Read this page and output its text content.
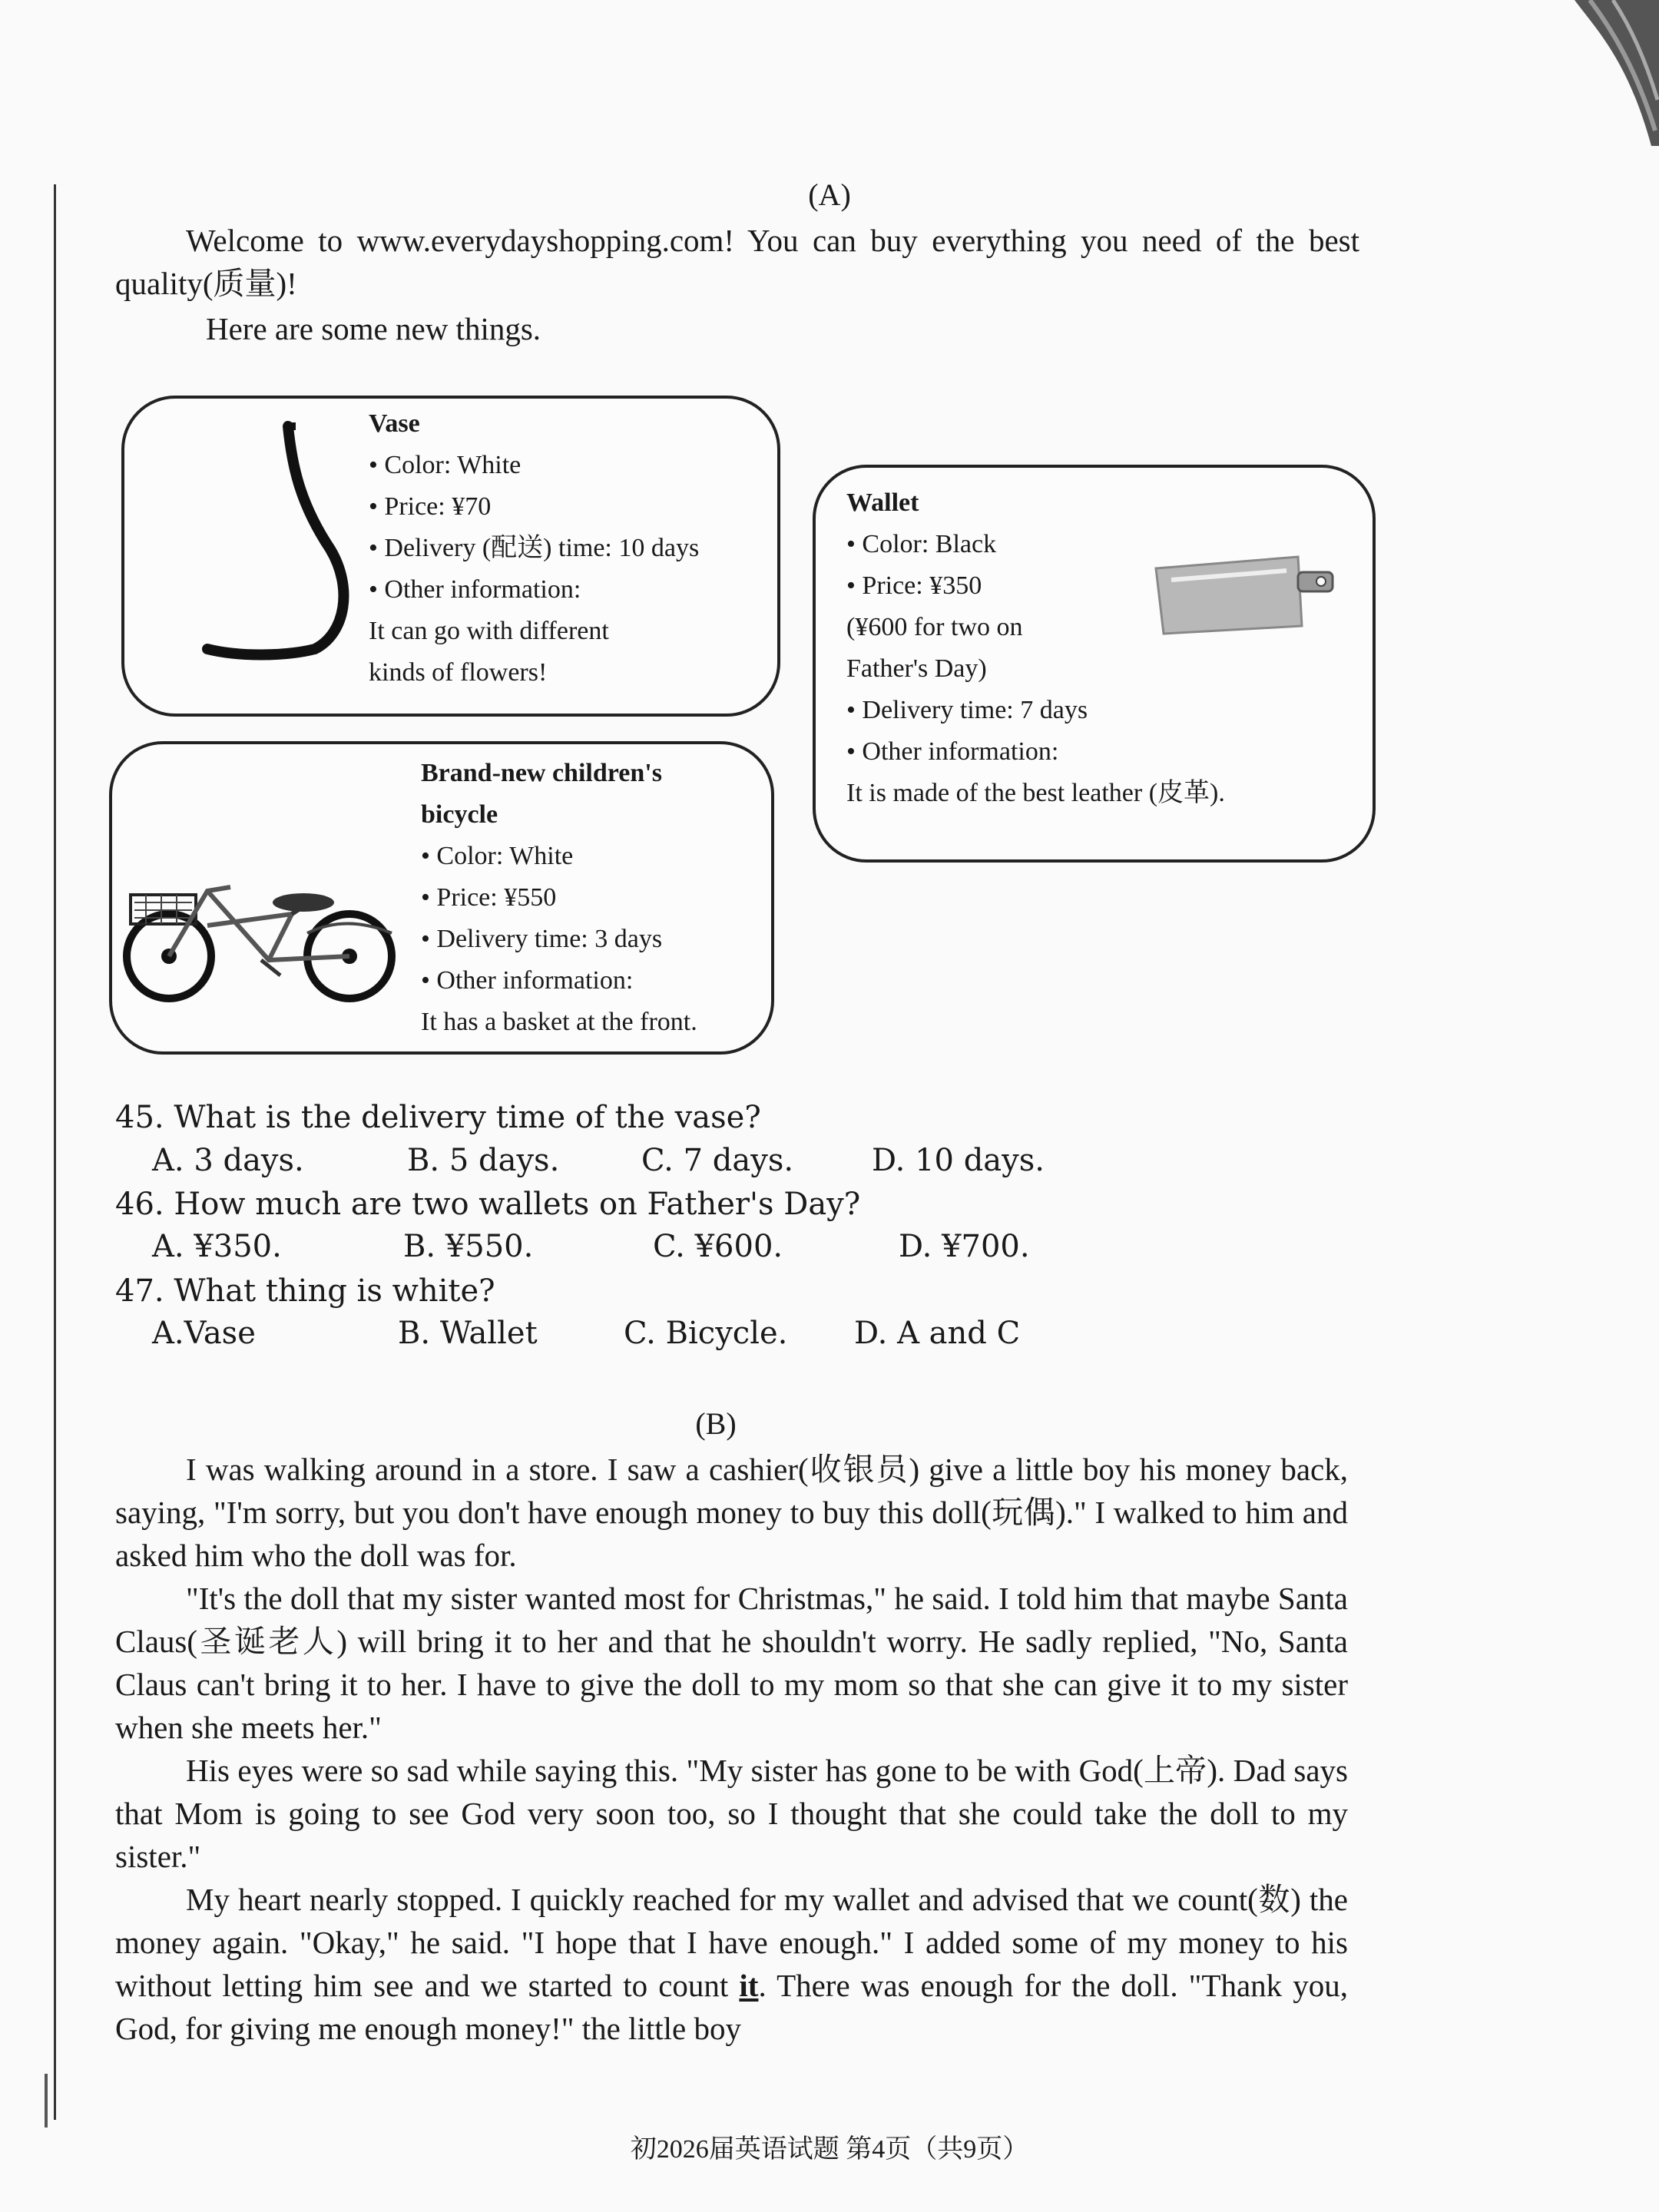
(A)
Welcome to www.everydayshopping.com! You can buy everything you need of the best quality(质量)!
Here are some new things.
Vase
• Color: White
• Price: ¥70
• Delivery (配送) time: 10 days
• Other information:
It can go with different
kinds of flowers!
Brand-new children's
bicycle
• Color: White
• Price: ¥550
• Delivery time: 3 days
• Other information:
It has a basket at the front.
Wallet
• Color: Black
• Price: ¥350
(¥600 for two on
Father's Day)
• Delivery time: 7 days
• Other information:
It is made of the best leather (皮革).
45. What is the delivery time of the vase?
A. 3 days.	B. 5 days.	C. 7 days.	D. 10 days.
46. How much are two wallets on Father's Day?
A. ¥350.	B. ¥550.	C. ¥600.	D. ¥700.
47. What thing is white?
A.Vase	B. Wallet	C. Bicycle. D. A and C
(B)
I was walking around in a store. I saw a cashier(收银员) give a little boy his money back, saying, "I'm sorry, but you don't have enough money to buy this doll(玩偶)." I walked to him and asked him who the doll was for.
"It's the doll that my sister wanted most for Christmas," he said. I told him that maybe Santa Claus(圣诞老人) will bring it to her and that he shouldn't worry. He sadly replied, "No, Santa Claus can't bring it to her. I have to give the doll to my mom so that she can give it to my sister when she meets her."
His eyes were so sad while saying this. "My sister has gone to be with God(上帝). Dad says that Mom is going to see God very soon too, so I thought that she could take the doll to my sister."
My heart nearly stopped. I quickly reached for my wallet and advised that we count(数) the money again. "Okay," he said. "I hope that I have enough." I added some of my money to his without letting him see and we started to count it. There was enough for the doll. "Thank you, God, for giving me enough money!" the little boy
初2026届英语试题 第4页（共9页）
